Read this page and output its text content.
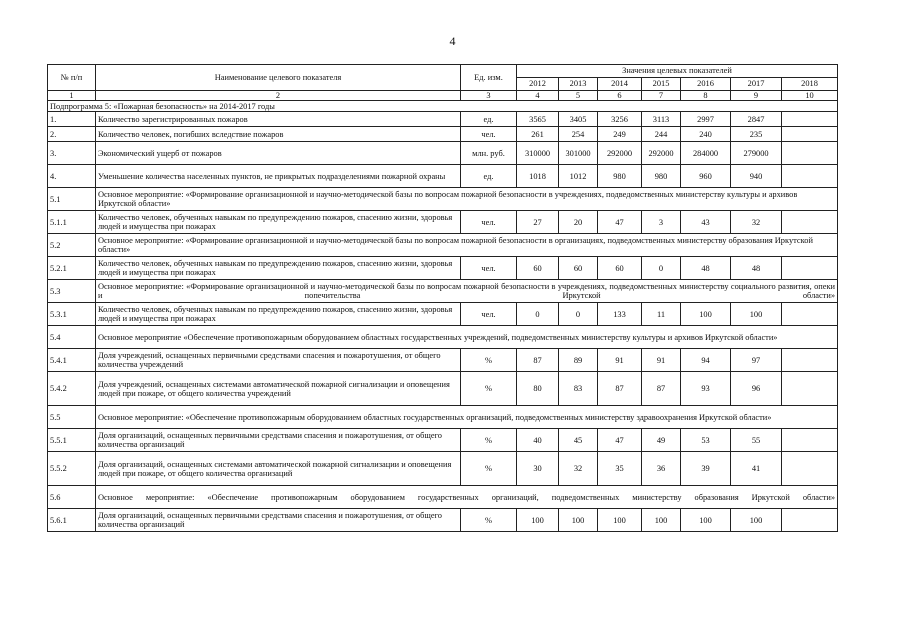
4
№ п/п	Наименование целевого показателя	Ед. изм.	Значения целевых показателей						
			2012	2013	2014	2015	2016	2017	2018
1	2	3	4	5	6	7	8	9	10
Подпрограмма 5: «Пожарная безопасность» на 2014-2017 годы									
1.	Количество зарегистрированных пожаров	ед.	3565	3405	3256	3113	2997	2847	
2.	Количество человек, погибших вследствие пожаров	чел.	261	254	249	244	240	235	
3.	Экономический ущерб от пожаров	млн. руб.	310000	301000	292000	292000	284000	279000	
4.	Уменьшение количества населенных пунктов, не прикрытых подразделениями пожарной охраны	ед.	1018	1012	980	980	960	940	
5.1	Основное мероприятие: «Формирование организационной и научно-методической базы по вопросам пожарной безопасности в учреждениях, подведомственных министерству культуры и архивов Иркутской области»								
5.1.1	Количество человек, обученных навыкам по предупреждению пожаров, спасению жизни, здоровья людей и имущества при пожарах	чел.	27	20	47	3	43	32	
5.2	Основное мероприятие: «Формирование организационной и научно-методической базы по вопросам пожарной безопасности в организациях, подведомственных министерству образования Иркутской области»								
5.2.1	Количество человек, обученных навыкам по предупреждению пожаров, спасению жизни, здоровья людей и имущества при пожарах	чел.	60	60	60	0	48	48	
5.3	Основное мероприятие: «Формирование организационной и научно-методической базы по вопросам пожарной безопасности в учреждениях, подведомственных министерству социального развития, опеки и попечительства Иркутской области»								
5.3.1	Количество человек, обученных навыкам по предупреждению пожаров, спасению жизни, здоровья людей и имущества при пожарах	чел.	0	0	133	11	100	100	
5.4	Основное мероприятие «Обеспечение противопожарным оборудованием областных государственных учреждений, подведомственных министерству культуры и архивов Иркутской области»								
5.4.1	Доля учреждений, оснащенных первичными средствами спасения и пожаротушения, от общего количества учреждений	%	87	89	91	91	94	97	
5.4.2	Доля учреждений, оснащенных системами автоматической пожарной сигнализации и оповещения людей при пожаре, от общего количества учреждений	%	80	83	87	87	93	96	
5.5	Основное мероприятие: «Обеспечение противопожарным оборудованием областных государственных организаций, подведомственных министерству здравоохранения Иркутской области»								
5.5.1	Доля организаций, оснащенных первичными средствами спасения и пожаротушения, от общего количества организаций	%	40	45	47	49	53	55	
5.5.2	Доля организаций, оснащенных системами автоматической пожарной сигнализации и оповещения людей при пожаре, от общего количества организаций	%	30	32	35	36	39	41	
5.6	Основное мероприятие: «Обеспечение противопожарным оборудованием государственных организаций, подведомственных министерству образования Иркутской области»								
5.6.1	Доля организаций, оснащенных первичными средствами спасения и пожаротушения, от общего количества организаций	%	100	100	100	100	100	100	
